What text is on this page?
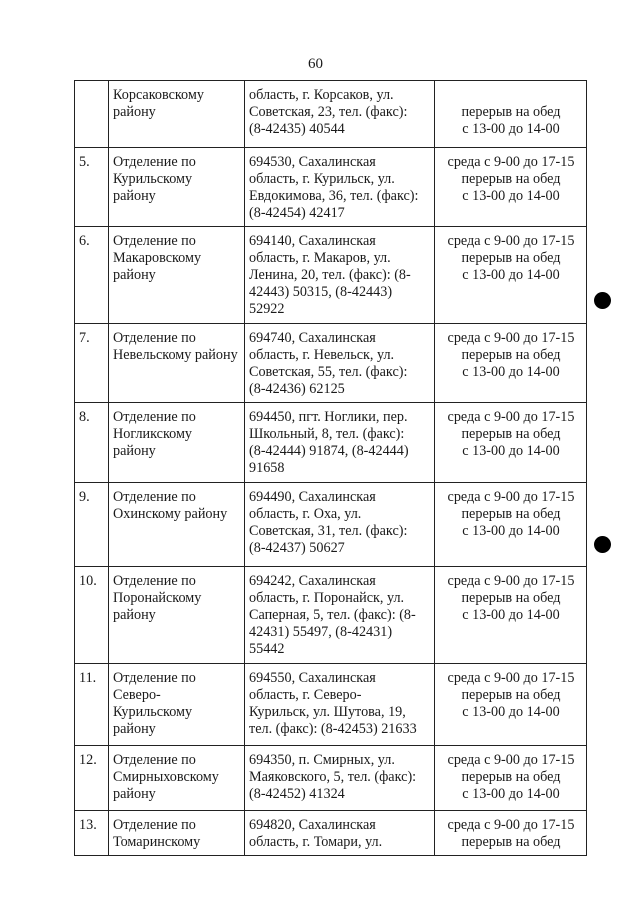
60

	Корсаковскому
району	область, г. Корсаков, ул.
Советская, 23, тел. (факс):
(8-42435) 40544	перерыв на обед
с 13-00 до 14-00

5.	Отделение по
Курильскому
району	694530, Сахалинская
область, г. Курильск, ул.
Евдокимова, 36, тел. (факс):
(8-42454) 42417	среда с 9-00 до 17-15
перерыв на обед
с 13-00 до 14-00

6.	Отделение по
Макаровскому
району	694140, Сахалинская
область, г. Макаров, ул.
Ленина, 20, тел. (факс): (8-
42443) 50315, (8-42443)
52922	среда с 9-00 до 17-15
перерыв на обед
с 13-00 до 14-00

7.	Отделение по
Невельскому району	694740, Сахалинская
область, г. Невельск, ул.
Советская, 55, тел. (факс):
(8-42436) 62125	среда с 9-00 до 17-15
перерыв на обед
с 13-00 до 14-00

8.	Отделение по
Ногликскому
району	694450, пгт. Ноглики, пер.
Школьный, 8, тел. (факс):
(8-42444) 91874, (8-42444)
91658	среда с 9-00 до 17-15
перерыв на обед
с 13-00 до 14-00

9.	Отделение по
Охинскому району	694490, Сахалинская
область, г. Оха, ул.
Советская, 31, тел. (факс):
(8-42437) 50627	среда с 9-00 до 17-15
перерыв на обед
с 13-00 до 14-00

10.	Отделение по
Поронайскому
району	694242, Сахалинская
область, г. Поронайск, ул.
Саперная, 5, тел. (факс): (8-
42431) 55497, (8-42431)
55442	среда с 9-00 до 17-15
перерыв на обед
с 13-00 до 14-00

11.	Отделение по
Северо-
Курильскому
району	694550, Сахалинская
область, г. Северо-
Курильск, ул. Шутова, 19,
тел. (факс): (8-42453) 21633	среда с 9-00 до 17-15
перерыв на обед
с 13-00 до 14-00

12.	Отделение по
Смирныховскому
району	694350, п. Смирных, ул.
Маяковского, 5, тел. (факс):
(8-42452) 41324	среда с 9-00 до 17-15
перерыв на обед
с 13-00 до 14-00

13.	Отделение по
Томаринскому	694820, Сахалинская
область, г. Томари, ул.	среда с 9-00 до 17-15
перерыв на обед
